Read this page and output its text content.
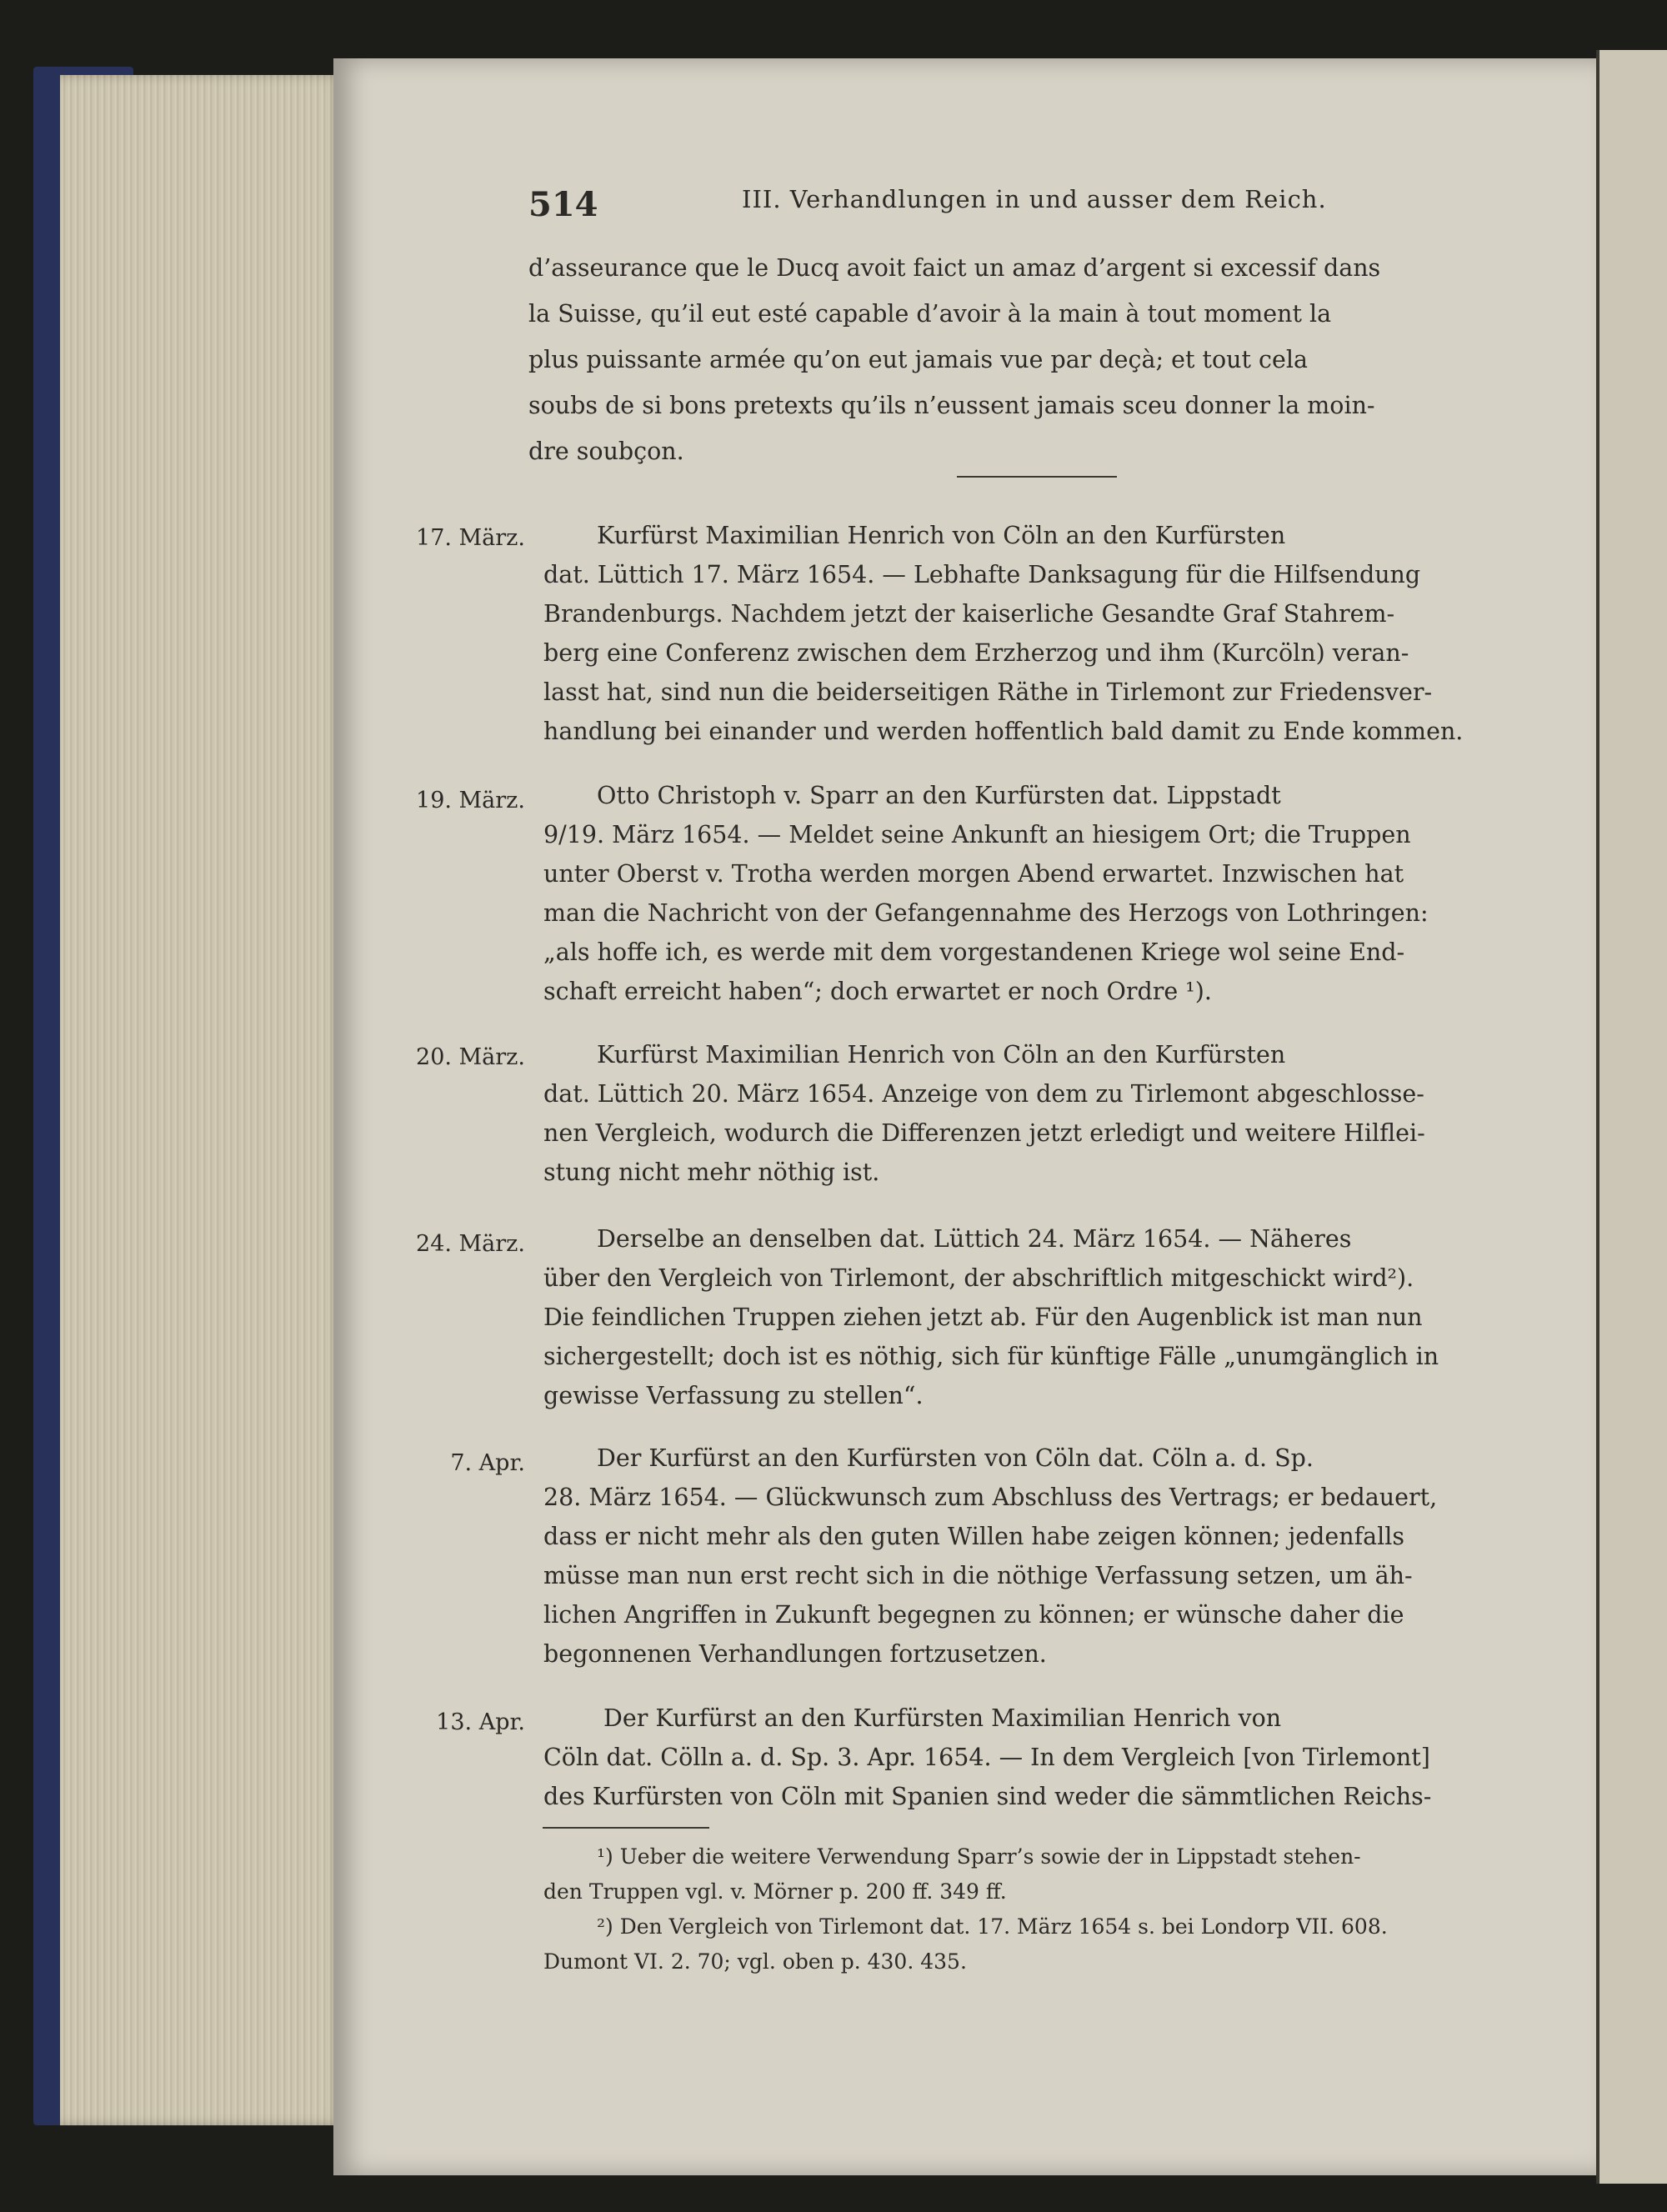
514	III. Verhandlungen in und ausser dem Reich.
d’asseurance que le Ducq avoit faict un amaz d’argent si excessif dans
la Suisse, qu’il eut esté capable d’avoir à la main à tout moment la
plus puissante armée qu’on eut jamais vue par deçà; et tout cela
soubs de si bons pretexts qu’ils n’eussent jamais sceu donner la moin-
dre soubçon.
17. März.	Kurfürst Maximilian Henrich von Cöln an den Kurfürsten
dat. Lüttich 17. März 1654. — Lebhafte Danksagung für die Hilfsendung
Brandenburgs. Nachdem jetzt der kaiserliche Gesandte Graf Stahrem-
berg eine Conferenz zwischen dem Erzherzog und ihm (Kurcöln) veran-
lasst hat, sind nun die beiderseitigen Räthe in Tirlemont zur Friedensver-
handlung bei einander und werden hoffentlich bald damit zu Ende kommen.
19. März.	Otto Christoph v. Sparr an den Kurfürsten dat. Lippstadt
9/19. März 1654. — Meldet seine Ankunft an hiesigem Ort; die Truppen
unter Oberst v. Trotha werden morgen Abend erwartet. Inzwischen hat
man die Nachricht von der Gefangennahme des Herzogs von Lothringen:
„als hoffe ich, es werde mit dem vorgestandenen Kriege wol seine End-
schaft erreicht haben“; doch erwartet er noch Ordre ¹).
20. März.	Kurfürst Maximilian Henrich von Cöln an den Kurfürsten
dat. Lüttich 20. März 1654. Anzeige von dem zu Tirlemont abgeschlosse-
nen Vergleich, wodurch die Differenzen jetzt erledigt und weitere Hilflei-
stung nicht mehr nöthig ist.
24. März.	Derselbe an denselben dat. Lüttich 24. März 1654. — Näheres
über den Vergleich von Tirlemont, der abschriftlich mitgeschickt wird²).
Die feindlichen Truppen ziehen jetzt ab. Für den Augenblick ist man nun
sichergestellt; doch ist es nöthig, sich für künftige Fälle „unumgänglich in
gewisse Verfassung zu stellen“.
7. Apr.	Der Kurfürst an den Kurfürsten von Cöln dat. Cöln a. d. Sp.
28. März 1654. — Glückwunsch zum Abschluss des Vertrags; er bedauert,
dass er nicht mehr als den guten Willen habe zeigen können; jedenfalls
müsse man nun erst recht sich in die nöthige Verfassung setzen, um äh-
lichen Angriffen in Zukunft begegnen zu können; er wünsche daher die
begonnenen Verhandlungen fortzusetzen.
13. Apr.	Der Kurfürst an den Kurfürsten Maximilian Henrich von
Cöln dat. Cölln a. d. Sp. 3. Apr. 1654. — In dem Vergleich [von Tirlemont]
des Kurfürsten von Cöln mit Spanien sind weder die sämmtlichen Reichs-
¹) Ueber die weitere Verwendung Sparr’s sowie der in Lippstadt stehen-
den Truppen vgl. v. Mörner p. 200 ff. 349 ff.
²) Den Vergleich von Tirlemont dat. 17. März 1654 s. bei Londorp VII. 608.
Dumont VI. 2. 70; vgl. oben p. 430. 435.
